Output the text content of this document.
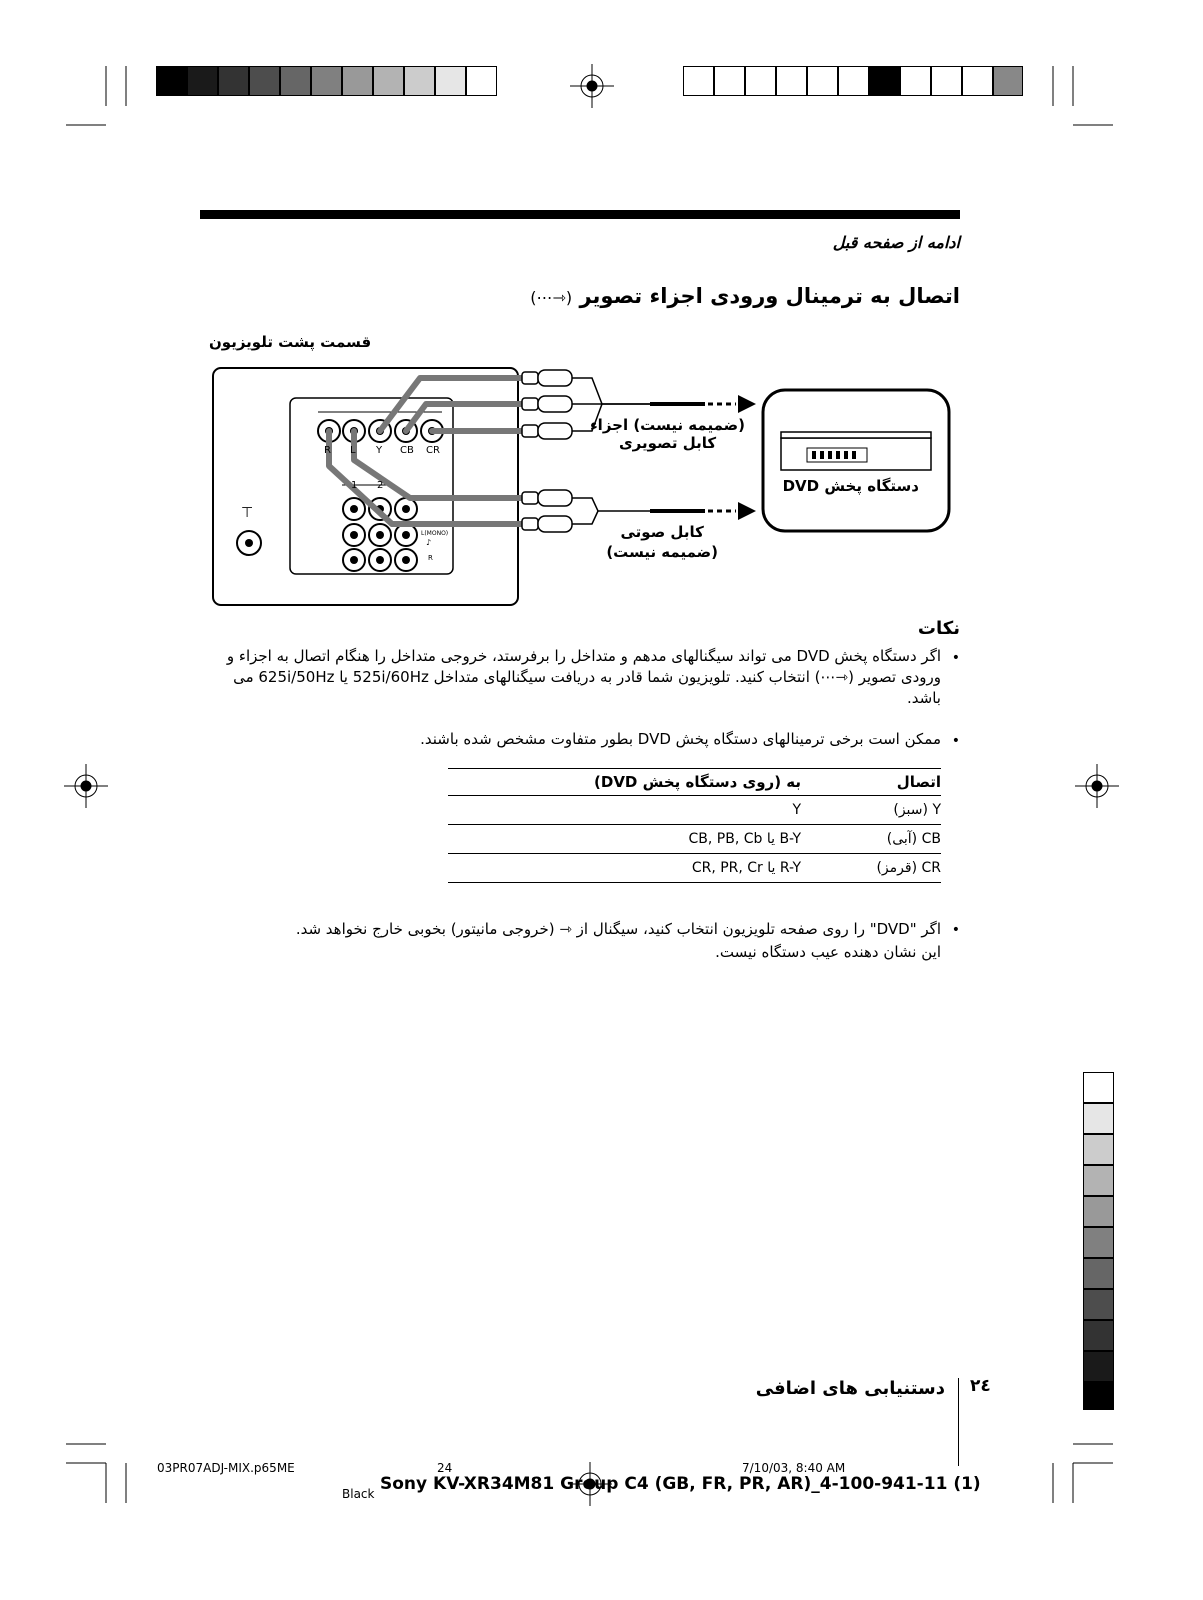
ادامه از صفحه قبل
اتصال به ترمینال ورودی اجزاء تصویر (⇾⋯)
قسمت پشت تلویزیون
R L Y CB CR
1 2
L(MONO)
♪
R
⊤
(ضمیمه نیست) اجزاء
کابل تصویری
کابل صوتی
(ضمیمه نیست)
دستگاه پخش DVD
نکات
اگر دستگاه پخش DVD می تواند سیگنالهای مدهم و متداخل را برفرستد، خروجی متداخل را هنگام اتصال به اجزاء و ورودی تصویر (⇾⋯) انتخاب کنید. تلویزیون شما قادر به دریافت سیگنالهای متداخل 525i/60Hz یا 625i/50Hz می باشد.
•
ممکن است برخی ترمینالهای دستگاه پخش DVD بطور متفاوت مشخص شده باشند.
•
اتصال	به (روی دستگاه پخش DVD)
Y (سبز)	Y
CB (آبی)	B-Y یا CB, PB, Cb
CR (قرمز)	R-Y یا CR, PR, Cr
اگر "DVD" را روی صفحه تلویزیون انتخاب کنید، سیگنال از ⇾ (خروجی مانیتور) بخوبی خارج نخواهد شد.
این نشان دهنده عیب دستگاه نیست.
•
٢٤
دستنیابی های اضافی
03PR07ADJ-MIX.p65ME	24	7/10/03, 8:40 AM
Black Sony KV-XR34M81 Group C4 (GB, FR, PR, AR)_4-100-941-11 (1)
